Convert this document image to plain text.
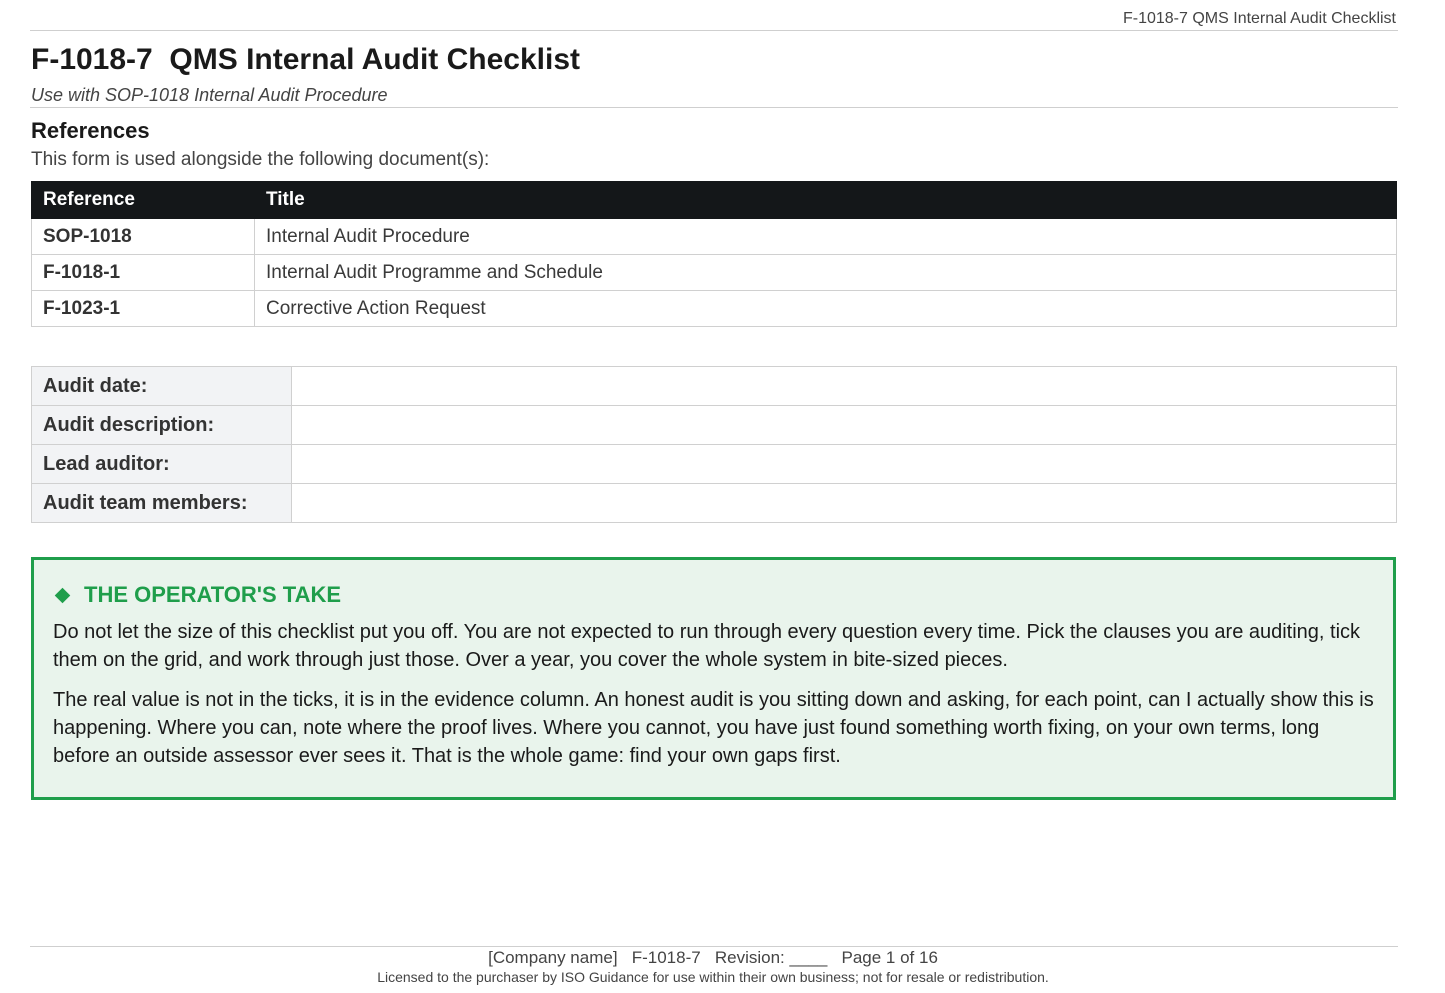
F-1018-7 QMS Internal Audit Checklist
F-1018-7  QMS Internal Audit Checklist
Use with SOP-1018 Internal Audit Procedure
References
This form is used alongside the following document(s):
Reference	Title
SOP-1018	Internal Audit Procedure
F-1018-1	Internal Audit Programme and Schedule
F-1023-1	Corrective Action Request
Audit date:	
Audit description:	
Lead auditor:	
Audit team members:	
THE OPERATOR'S TAKE

Do not let the size of this checklist put you off. You are not expected to run through every question every time. Pick the clauses you are auditing, tick them on the grid, and work through just those. Over a year, you cover the whole system in bite-sized pieces.

The real value is not in the ticks, it is in the evidence column. An honest audit is you sitting down and asking, for each point, can I actually show this is happening. Where you can, note where the proof lives. Where you cannot, you have just found something worth fixing, on your own terms, long before an outside assessor ever sees it. That is the whole game: find your own gaps first.

[Company name]   F-1018-7   Revision: ____   Page 1 of 16
Licensed to the purchaser by ISO Guidance for use within their own business; not for resale or redistribution.
